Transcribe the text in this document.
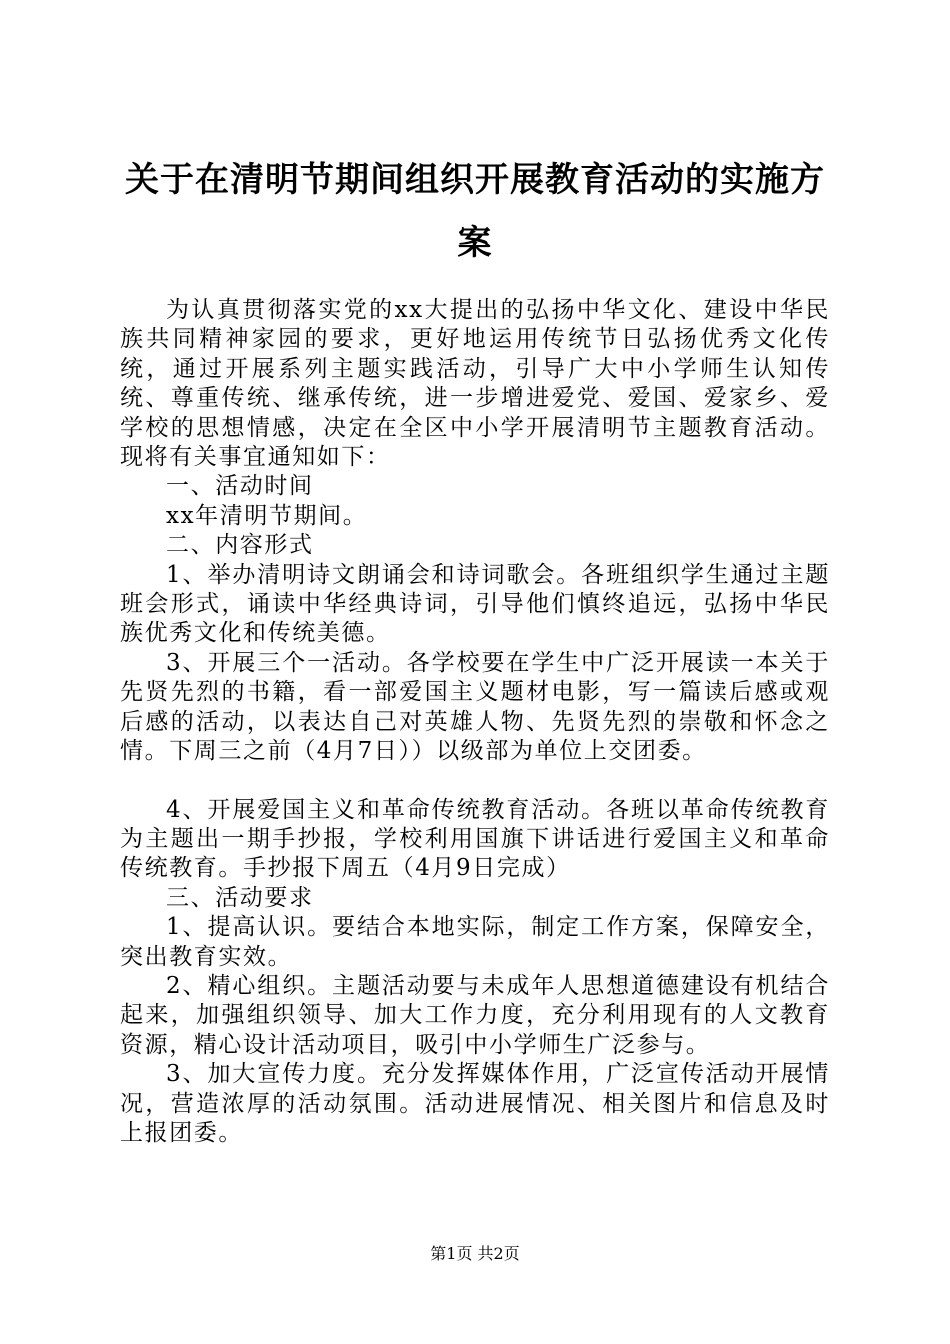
关于在清明节期间组织开展教育活动的实施方
案

为认真贯彻落实党的xx大提出的弘扬中华文化、建设中华民族共同精神家园的要求，更好地运用传统节日弘扬优秀文化传统，通过开展系列主题实践活动，引导广大中小学师生认知传统、尊重传统、继承传统，进一步增进爱党、爱国、爱家乡、爱学校的思想情感，决定在全区中小学开展清明节主题教育活动。现将有关事宜通知如下：

一、活动时间

xx年清明节期间。

二、内容形式

1、举办清明诗文朗诵会和诗词歌会。各班组织学生通过主题班会形式，诵读中华经典诗词，引导他们慎终追远，弘扬中华民族优秀文化和传统美德。

3、开展三个一活动。各学校要在学生中广泛开展读一本关于先贤先烈的书籍，看一部爱国主义题材电影，写一篇读后感或观后感的活动，以表达自己对英雄人物、先贤先烈的崇敬和怀念之情。下周三之前（4月7日））以级部为单位上交团委。

4、开展爱国主义和革命传统教育活动。各班以革命传统教育为主题出一期手抄报，学校利用国旗下讲话进行爱国主义和革命传统教育。手抄报下周五（4月9日完成）

三、活动要求

1、提高认识。要结合本地实际，制定工作方案，保障安全，突出教育实效。

2、精心组织。主题活动要与未成年人思想道德建设有机结合起来，加强组织领导、加大工作力度，充分利用现有的人文教育资源，精心设计活动项目，吸引中小学师生广泛参与。

3、加大宣传力度。充分发挥媒体作用，广泛宣传活动开展情况，营造浓厚的活动氛围。活动进展情况、相关图片和信息及时上报团委。

第1页 共2页
